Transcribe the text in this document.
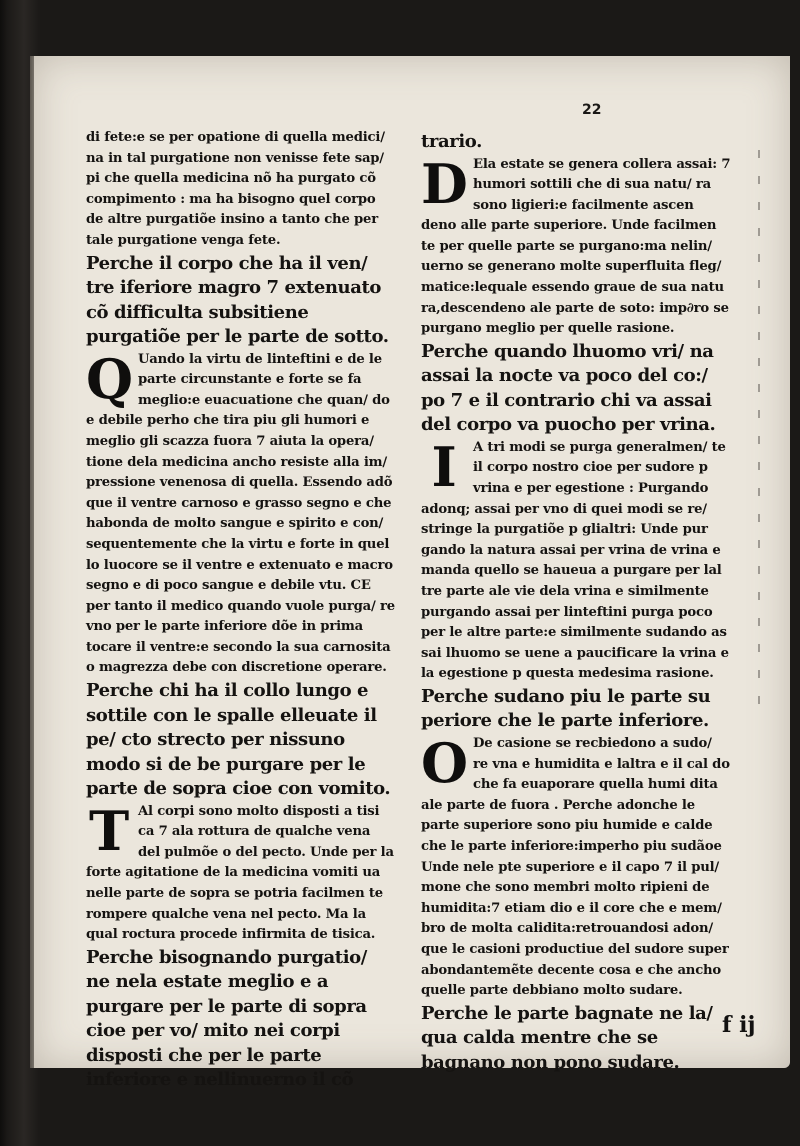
22

di fete:e se per opatione di quella medici/ na in tal purgatione non venisse fete sap/ pi che quella medicina nõ ha purgato cõ compimento : ma ha bisogno quel corpo de altre purgatiõe insino a tanto che per tale purgatione venga fete.

Perche il corpo che ha il ven/ tre iferiore magro 7 extenuato cõ difficulta subsitiene purgatiõe per le parte de sotto.

Q Uando la virtu de linteftini e de le parte circunstante e forte se fa meglio:e euacuatione che quan/ do e debile perho che tira piu gli humori e meglio gli scazza fuora 7 aiuta la opera/ tione dela medicina ancho resiste alla im/ pressione venenosa di quella. Essendo adõ que il ventre carnoso e grasso segno e che habonda de molto sangue e spirito e con/ sequentemente che la virtu e forte in quel lo luocore se il ventre e extenuato e macro segno e di poco sangue e debile vtu. CE per tanto il medico quando vuole purga/ re vno per le parte inferiore dõe in prima tocare il ventre:e secondo la sua carnosita o magrezza debe con discretione operare.

Perche chi ha il collo lungo e sottile con le spalle elleuate il pe/ cto strecto per nissuno modo si de be purgare per le parte de sopra cioe con vomito.

T Al corpi sono molto disposti a tisi ca 7 ala rottura de qualche vena del pulmõe o del pecto. Unde per la forte agitatione de la medicina vomiti ua nelle parte de sopra se potria facilmen te rompere qualche vena nel pecto. Ma la qual roctura procede infirmita de tisica.

Perche bisognando purgatio/ ne nela estate meglio e a purgare per le parte di sopra cioe per vo/ mito nei corpi disposti che per le parte inferiore e nellinuerno il cõ

trario.

D Ela estate se genera collera assai: 7 humori sottili che di sua natu/ ra sono ligieri:e facilmente ascen deno alle parte superiore. Unde facilmen te per quelle parte se purgano:ma nelin/ uerno se generano molte superfluita fleg/ matice:lequale essendo graue de sua natu ra,descendeno ale parte de soto: imp∂ro se purgano meglio per quelle rasione.

Perche quando lhuomo vri/ na assai la nocte va poco del co:/ po 7 e il contrario chi va assai del corpo va puocho per vrina.

I	A tri modi se purga generalmen/ te il corpo nostro cioe per sudore p vrina e per egestione : Purgando adonq; assai per vno di quei modi se re/ stringe la purgatiõe p glialtri: Unde pur gando la natura assai per vrina de vrina e manda quello se haueua a purgare per lal tre parte ale vie dela vrina e similmente purgando assai per linteftini purga poco per le altre parte:e similmente sudando as sai lhuomo se uene a paucificare la vrina e la egestione p questa medesima rasione.

Perche sudano piu le parte su periore che le parte inferiore.

O De casione se recbiedono a sudo/ re vna e humidita e laltra e il cal do che fa euaporare quella humi dita ale parte de fuora . Perche adonche le parte superiore sono piu humide e calde che le parte inferiore:imperho piu sudãoe Unde nele pte superiore e il capo 7 il pul/ mone che sono membri molto ripieni de humidita:7 etiam dio e il core che e mem/ bro de molta caliditа:retrouandosi adon/ que le casioni productiue del sudore super abondantemẽte decente cosa e che ancho quelle parte debbiano molto sudare.

Perche le parte bagnate ne la/ qua calda mentre che se bagnano non pono sudare.

f ij
